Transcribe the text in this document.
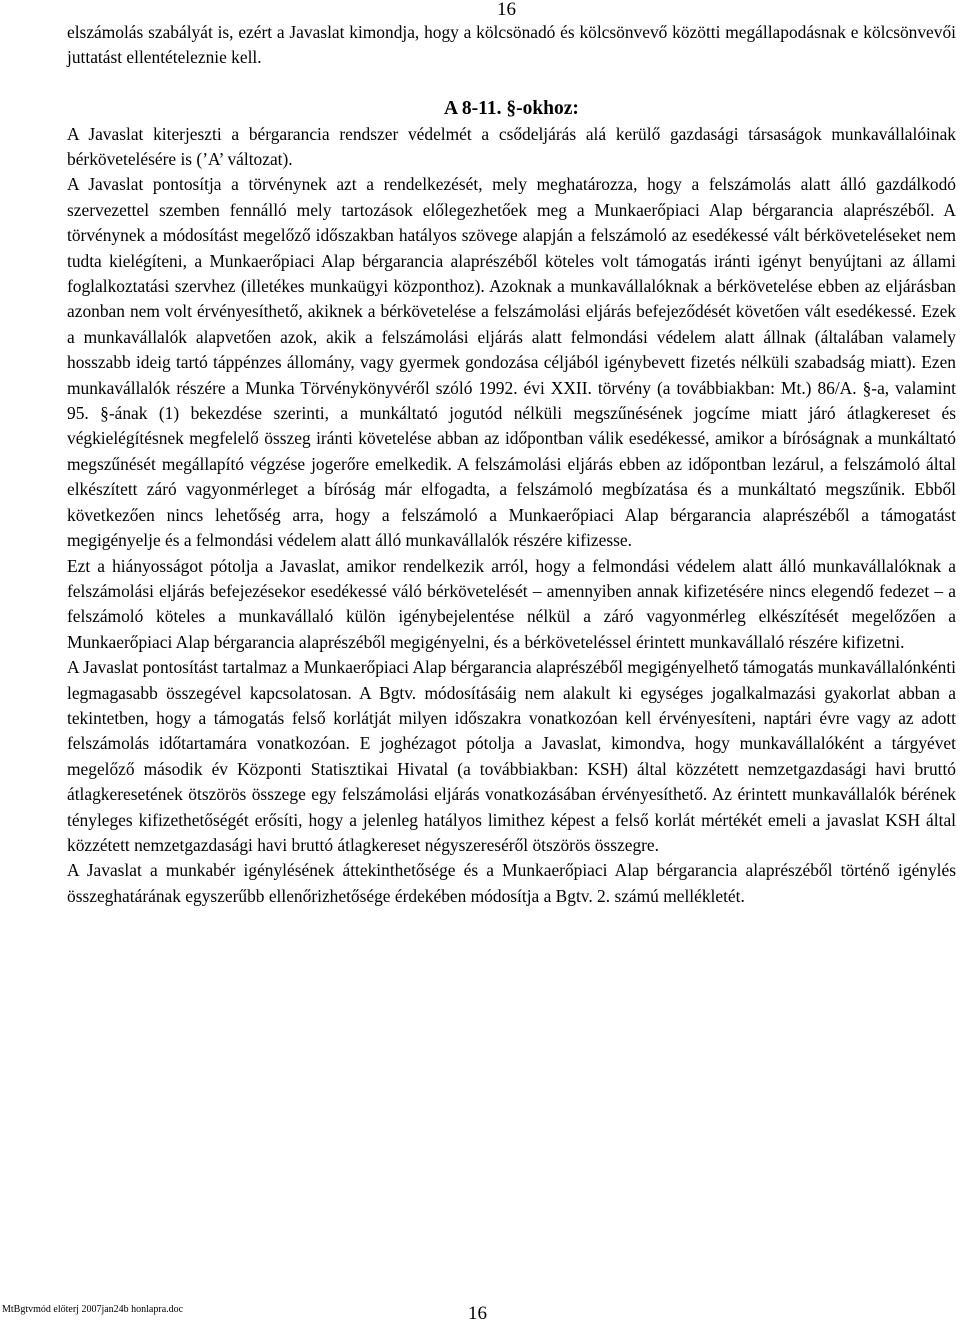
16

elszámolás szabályát is, ezért a Javaslat kimondja, hogy a kölcsönadó és kölcsönvevő közötti megállapodásnak e kölcsönvevői juttatást ellentételeznie kell.

A 8-11. §-okhoz:

A Javaslat kiterjeszti a bérgarancia rendszer védelmét a csődeljárás alá kerülő gazdasági társaságok munkavállalóinak bérkövetelésére is (’A’ változat).

A Javaslat pontosítja a törvénynek azt a rendelkezését, mely meghatározza, hogy a felszámolás alatt álló gazdálkodó szervezettel szemben fennálló mely tartozások előlegezhetőek meg a Munkaerőpiaci Alap bérgarancia alaprészéből. A törvénynek a módosítást megelőző időszakban hatályos szövege alapján a felszámoló az esedékessé vált bérköveteléseket nem tudta kielégíteni, a Munkaerőpiaci Alap bérgarancia alaprészéből köteles volt támogatás iránti igényt benyújtani az állami foglalkoztatási szervhez (illetékes munkaügyi központhoz). Azoknak a munkavállalóknak a bérkövetelése ebben az eljárásban azonban nem volt érvényesíthető, akiknek a bérkövetelése a felszámolási eljárás befejeződését követően vált esedékessé. Ezek a munkavállalók alapvetően azok, akik a felszámolási eljárás alatt felmondási védelem alatt állnak (általában valamely hosszabb ideig tartó táppénzes állomány, vagy gyermek gondozása céljából igénybevett fizetés nélküli szabadság miatt). Ezen munkavállalók részére a Munka Törvénykönyvéről szóló 1992. évi XXII. törvény (a továbbiakban: Mt.) 86/A. §-a, valamint 95. §-ának (1) bekezdése szerinti, a munkáltató jogutód nélküli megszűnésének jogcíme miatt járó átlagkereset és végkielégítésnek megfelelő összeg iránti követelése abban az időpontban válik esedékessé, amikor a bíróságnak a munkáltató megszűnését megállapító végzése jogerőre emelkedik. A felszámolási eljárás ebben az időpontban lezárul, a felszámoló által elkészített záró vagyonmérleget a bíróság már elfogadta, a felszámoló megbízatása és a munkáltató megszűnik. Ebből következően nincs lehetőség arra, hogy a felszámoló a Munkaerőpiaci Alap bérgarancia alaprészéből a támogatást megigényelje és a felmondási védelem alatt álló munkavállalók részére kifizesse.

Ezt a hiányosságot pótolja a Javaslat, amikor rendelkezik arról, hogy a felmondási védelem alatt álló munkavállalóknak a felszámolási eljárás befejezésekor esedékessé váló bérkövetelését – amennyiben annak kifizetésére nincs elegendő fedezet – a felszámoló köteles a munkavállaló külön igénybejelentése nélkül a záró vagyonmérleg elkészítését megelőzően a Munkaerőpiaci Alap bérgarancia alaprészéből megigényelni, és a bérköveteléssel érintett munkavállaló részére kifizetni.

A Javaslat pontosítást tartalmaz a Munkaerőpiaci Alap bérgarancia alaprészéből megigényelhető támogatás munkavállalónkénti legmagasabb összegével kapcsolatosan. A Bgtv. módosításáig nem alakult ki egységes jogalkalmazási gyakorlat abban a tekintetben, hogy a támogatás felső korlátját milyen időszakra vonatkozóan kell érvényesíteni, naptári évre vagy az adott felszámolás időtartamára vonatkozóan. E joghézagot pótolja a Javaslat, kimondva, hogy munkavállalóként a tárgyévet megelőző második év Központi Statisztikai Hivatal (a továbbiakban: KSH) által közzétett nemzetgazdasági havi bruttó átlagkeresetének ötszörös összege egy felszámolási eljárás vonatkozásában érvényesíthető. Az érintett munkavállalók bérének tényleges kifizethetőségét erősíti, hogy a jelenleg hatályos limithez képest a felső korlát mértékét emeli a javaslat KSH által közzétett nemzetgazdasági havi bruttó átlagkereset négyszereséről ötszörös összegre.

A Javaslat a munkabér igénylésének áttekinthetősége és a Munkaerőpiaci Alap bérgarancia alaprészéből történő igénylés összeghatárának egyszerűbb ellenőrizhetősége érdekében módosítja a Bgtv. 2. számú mellékletét.

MtBgtvmód előterj 2007jan24b honlapra.doc	16
